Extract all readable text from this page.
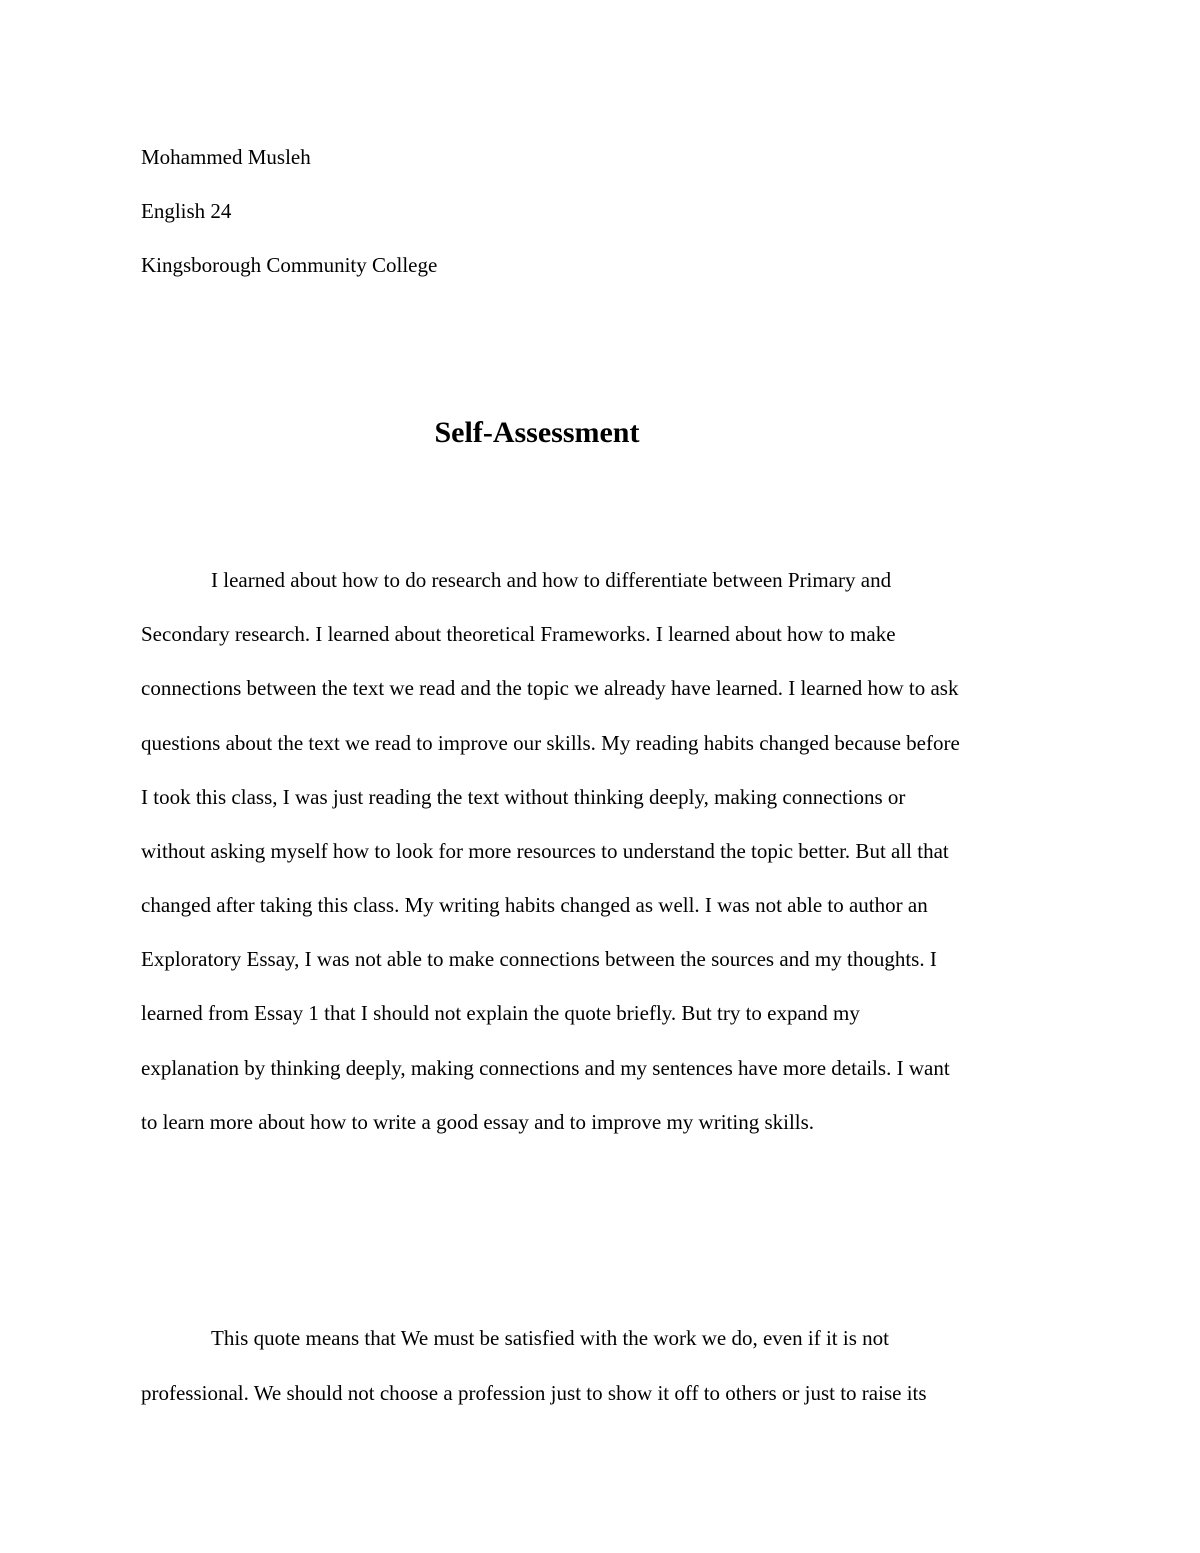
Mohammed Musleh
English 24
Kingsborough Community College
Self-Assessment
I learned about how to do research and how to differentiate between Primary and
Secondary research. I learned about theoretical Frameworks. I learned about how to make
connections between the text we read and the topic we already have learned. I learned how to ask
questions about the text we read to improve our skills. My reading habits changed because before
I took this class, I was just reading the text without thinking deeply, making connections or
without asking myself how to look for more resources to understand the topic better. But all that
changed after taking this class. My writing habits changed as well. I was not able to author an
Exploratory Essay, I was not able to make connections between the sources and my thoughts. I
learned from Essay 1 that I should not explain the quote briefly. But try to expand my
explanation by thinking deeply, making connections and my sentences have more details. I want
to learn more about how to write a good essay and to improve my writing skills.
This quote means that We must be satisfied with the work we do, even if it is not
professional. We should not choose a profession just to show it off to others or just to raise its
